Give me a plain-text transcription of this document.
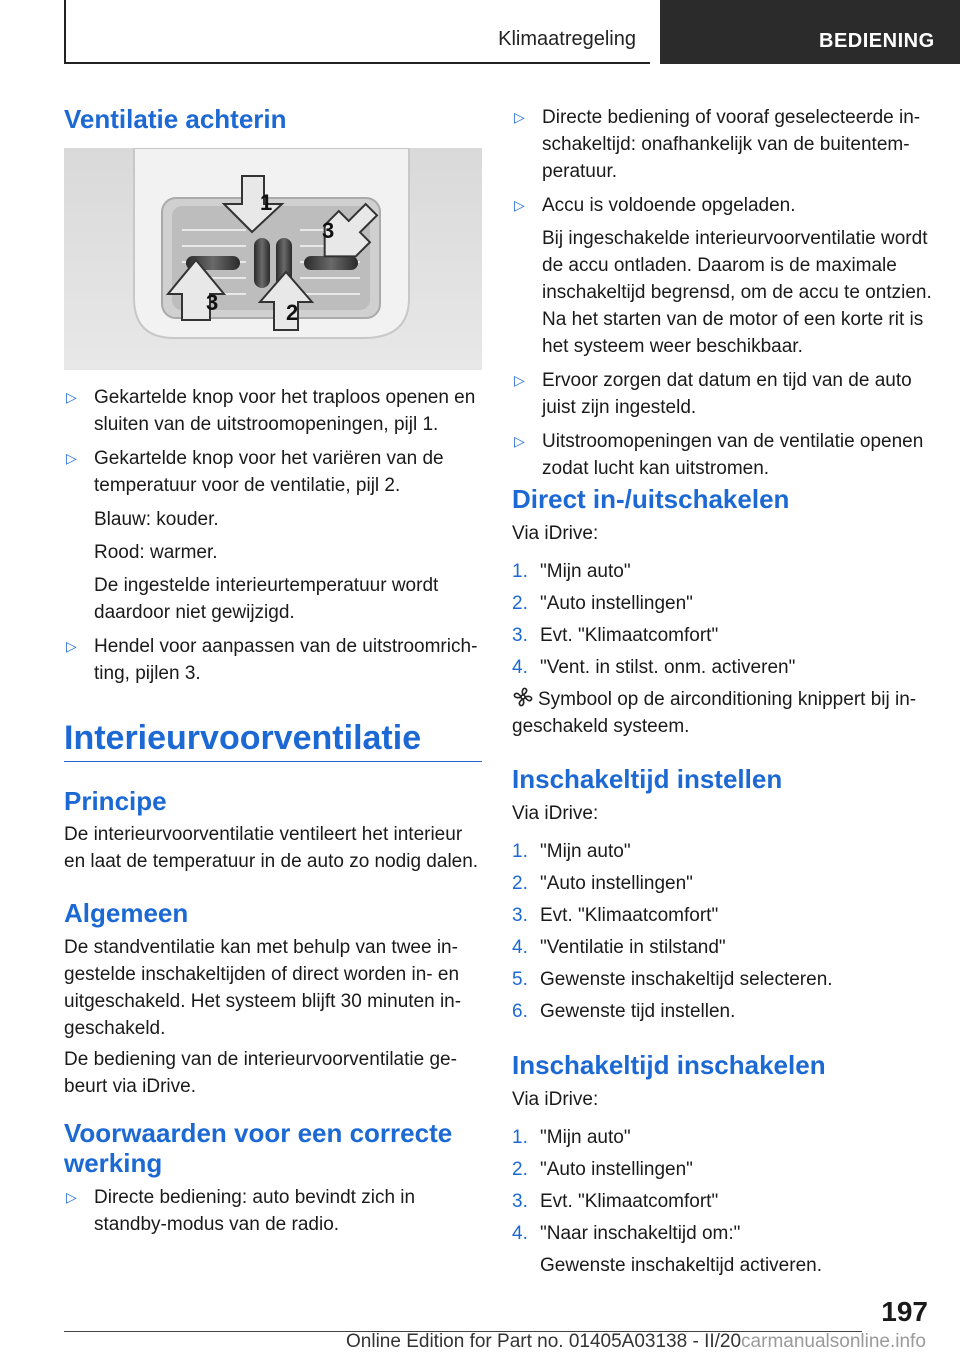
Klimaatregeling	BEDIENING
Ventilatie achterin
▷ Gekartelde knop voor het traploos openen en sluiten van de uitstroomopeningen, pijl 1.
▷ Gekartelde knop voor het variëren van de temperatuur voor de ventilatie, pijl 2.
Blauw: kouder.
Rood: warmer.
De ingestelde interieurtemperatuur wordt daardoor niet gewijzigd.
▷ Hendel voor aanpassen van de uitstroomrichting, pijlen 3.
Interieurvoorventilatie
Principe

De interieurvoorventilatie ventileert het interieur en laat de temperatuur in de auto zo nodig dalen.

Algemeen

De standventilatie kan met behulp van twee ingestelde inschakeltijden of direct worden in- en uitgeschakeld. Het systeem blijft 30 minuten ingeschakeld.

De bediening van de interieurvoorventilatie gebeurt via iDrive.

Voorwaarden voor een correcte werking
▷ Directe bediening: auto bevindt zich in standby-modus van de radio.
1
2
3
3
▷ Directe bediening of vooraf geselecteerde inschakeltijd: onafhankelijk van de buitentemperatuur.
▷ Accu is voldoende opgeladen.
Bij ingeschakelde interieurvoorventilatie wordt de accu ontladen. Daarom is de maximale inschakeltijd begrensd, om de accu te ontzien. Na het starten van de motor of een korte rit is het systeem weer beschikbaar.
▷ Ervoor zorgen dat datum en tijd van de auto juist zijn ingesteld.
▷ Uitstroomopeningen van de ventilatie openen zodat lucht kan uitstromen.
Direct in-/uitschakelen

Via iDrive:

1. "Mijn auto"
2. "Auto instellingen"
3. Evt. "Klimaatcomfort"
4. "Vent. in stilst. onm. activeren"
Symbool op de airconditioning knippert bij ingeschakeld systeem.
Inschakeltijd instellen

Via iDrive:

1. "Mijn auto"
2. "Auto instellingen"
3. Evt. "Klimaatcomfort"
4. "Ventilatie in stilstand"
5. Gewenste inschakeltijd selecteren.
6. Gewenste tijd instellen.
Inschakeltijd inschakelen

Via iDrive:

1. "Mijn auto"
2. "Auto instellingen"
3. Evt. "Klimaatcomfort"
4. "Naar inschakeltijd om:"
Gewenste inschakeltijd activeren.
197
Online Edition for Part no. 01405A03138 - II/20carmanualsonline.info
